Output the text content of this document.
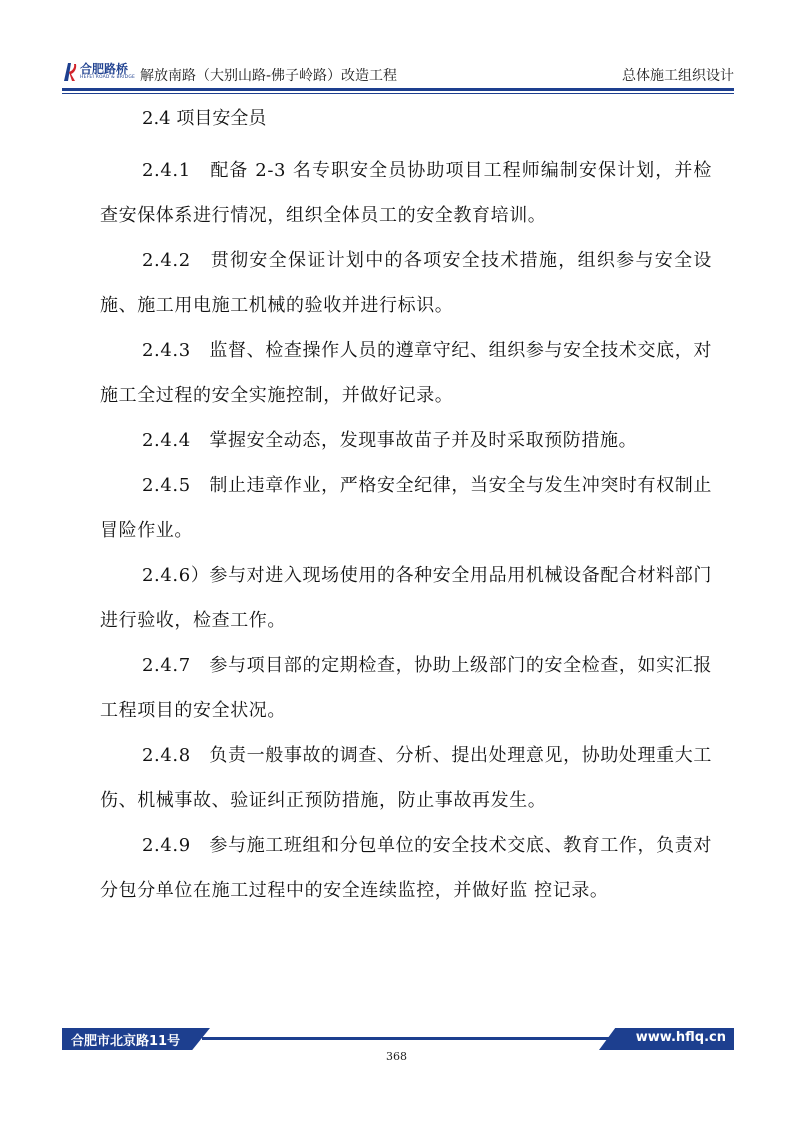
合肥路桥
HEFEI ROAD & BRIDGE 解放南路（大别山路-佛子岭路）改造工程	总体施工组织设计
2.4 项目安全员

2.4.1　配备 2-3 名专职安全员协助项目工程师编制安保计划，并检查安保体系进行情况，组织全体员工的安全教育培训。

2.4.2　贯彻安全保证计划中的各项安全技术措施，组织参与安全设施、施工用电施工机械的验收并进行标识。

2.4.3　监督、检查操作人员的遵章守纪、组织参与安全技术交底，对施工全过程的安全实施控制，并做好记录。

2.4.4　掌握安全动态，发现事故苗子并及时采取预防措施。

2.4.5　制止违章作业，严格安全纪律，当安全与发生冲突时有权制止冒险作业。

2.4.6）参与对进入现场使用的各种安全用品用机械设备配合材料部门进行验收，检查工作。

2.4.7　参与项目部的定期检查，协助上级部门的安全检查，如实汇报工程项目的安全状况。

2.4.8　负责一般事故的调查、分析、提出处理意见，协助处理重大工伤、机械事故、验证纠正预防措施，防止事故再发生。

2.4.9　参与施工班组和分包单位的安全技术交底、教育工作，负责对分包分单位在施工过程中的安全连续监控，并做好监 控记录。

合肥市北京路11号	www.hflq.cn
368
